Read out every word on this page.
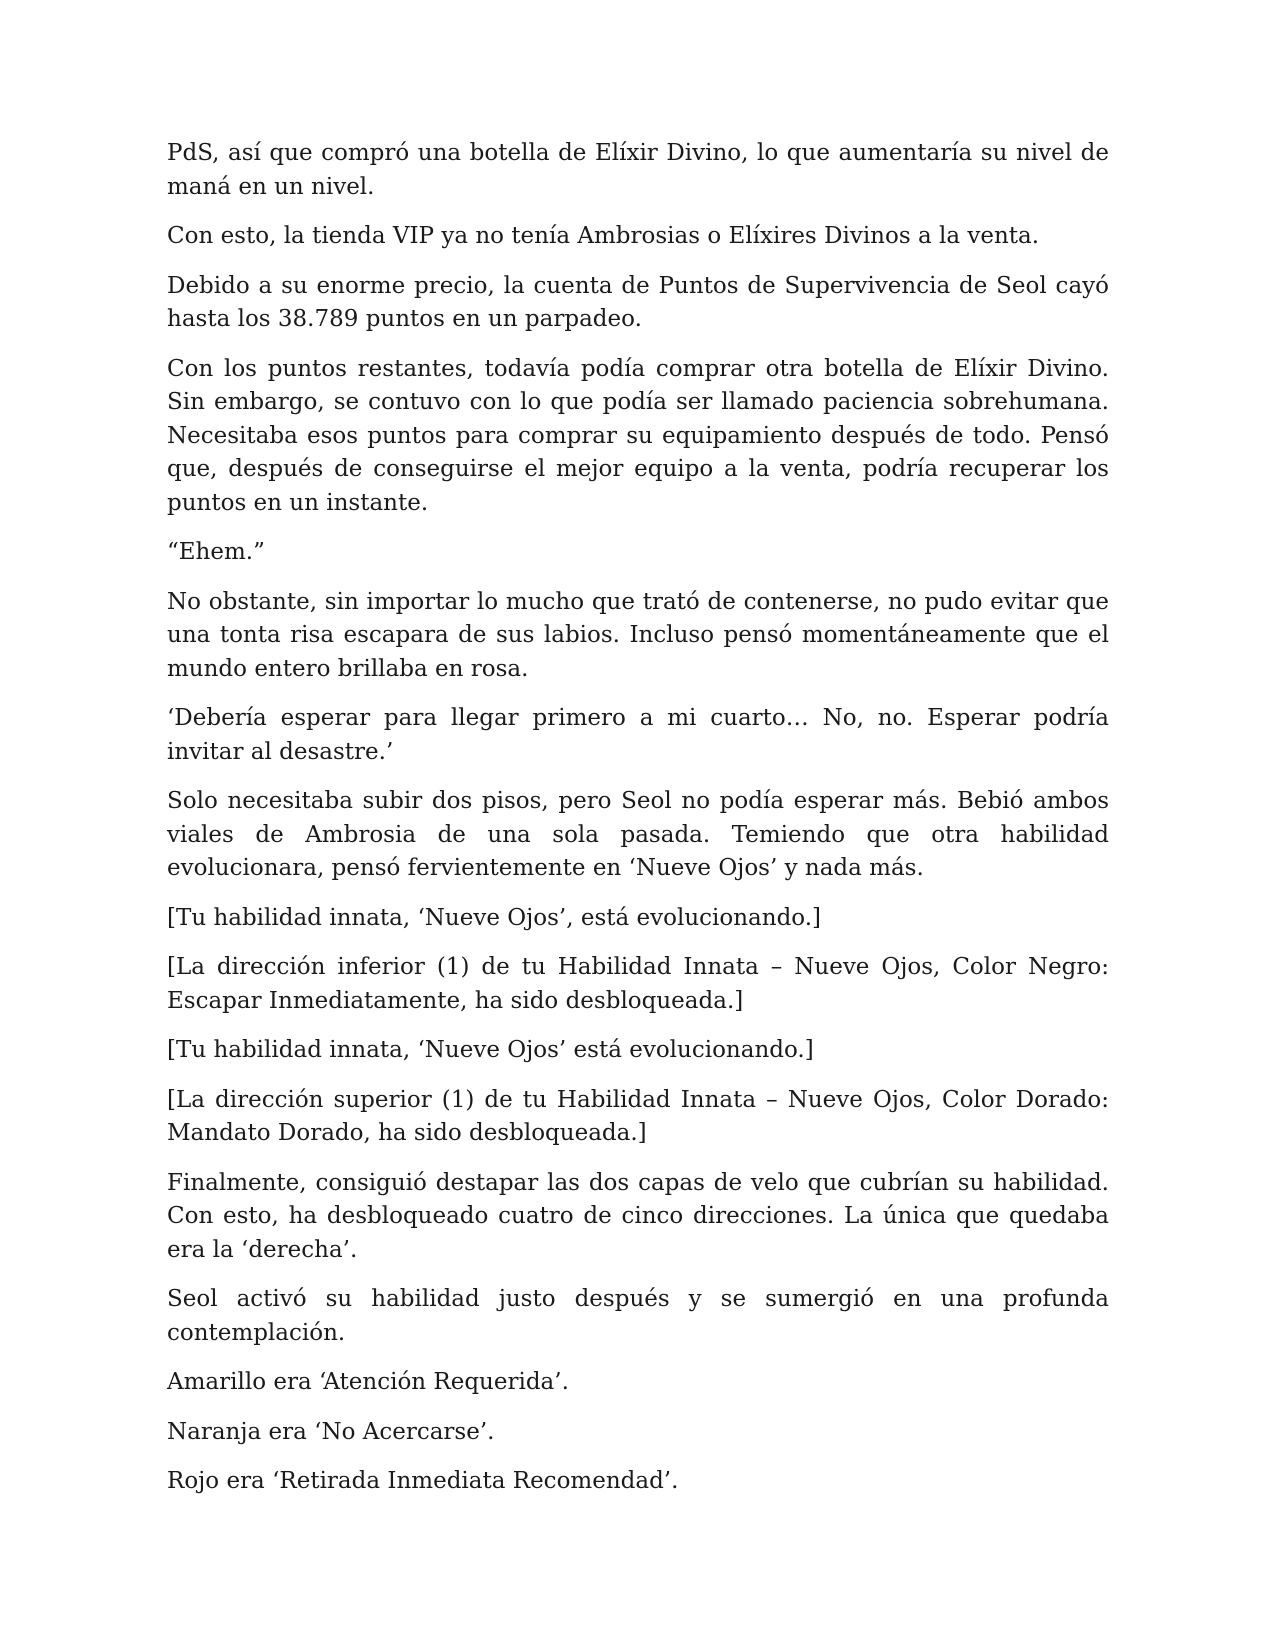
PdS, así que compró una botella de Elíxir Divino, lo que aumentaría su nivel de maná en un nivel.

Con esto, la tienda VIP ya no tenía Ambrosias o Elíxires Divinos a la venta.

Debido a su enorme precio, la cuenta de Puntos de Supervivencia de Seol cayó hasta los 38.789 puntos en un parpadeo.

Con los puntos restantes, todavía podía comprar otra botella de Elíxir Divino. Sin embargo, se contuvo con lo que podía ser llamado paciencia sobrehumana. Necesitaba esos puntos para comprar su equipamiento después de todo. Pensó que, después de conseguirse el mejor equipo a la venta, podría recuperar los puntos en un instante.

“Ehem.”

No obstante, sin importar lo mucho que trató de contenerse, no pudo evitar que una tonta risa escapara de sus labios. Incluso pensó momentáneamente que el mundo entero brillaba en rosa.

‘Debería esperar para llegar primero a mi cuarto… No, no. Esperar podría invitar al desastre.’

Solo necesitaba subir dos pisos, pero Seol no podía esperar más. Bebió ambos viales de Ambrosia de una sola pasada. Temiendo que otra habilidad evolucionara, pensó fervientemente en ‘Nueve Ojos’ y nada más.

[Tu habilidad innata, ‘Nueve Ojos’, está evolucionando.]

[La dirección inferior (1) de tu Habilidad Innata – Nueve Ojos, Color Negro: Escapar Inmediatamente, ha sido desbloqueada.]

[Tu habilidad innata, ‘Nueve Ojos’ está evolucionando.]

[La dirección superior (1) de tu Habilidad Innata – Nueve Ojos, Color Dorado: Mandato Dorado, ha sido desbloqueada.]

Finalmente, consiguió destapar las dos capas de velo que cubrían su habilidad. Con esto, ha desbloqueado cuatro de cinco direcciones. La única que quedaba era la ‘derecha’.

Seol activó su habilidad justo después y se sumergió en una profunda contemplación.

Amarillo era ‘Atención Requerida’.

Naranja era ‘No Acercarse’.

Rojo era ‘Retirada Inmediata Recomendad’.
